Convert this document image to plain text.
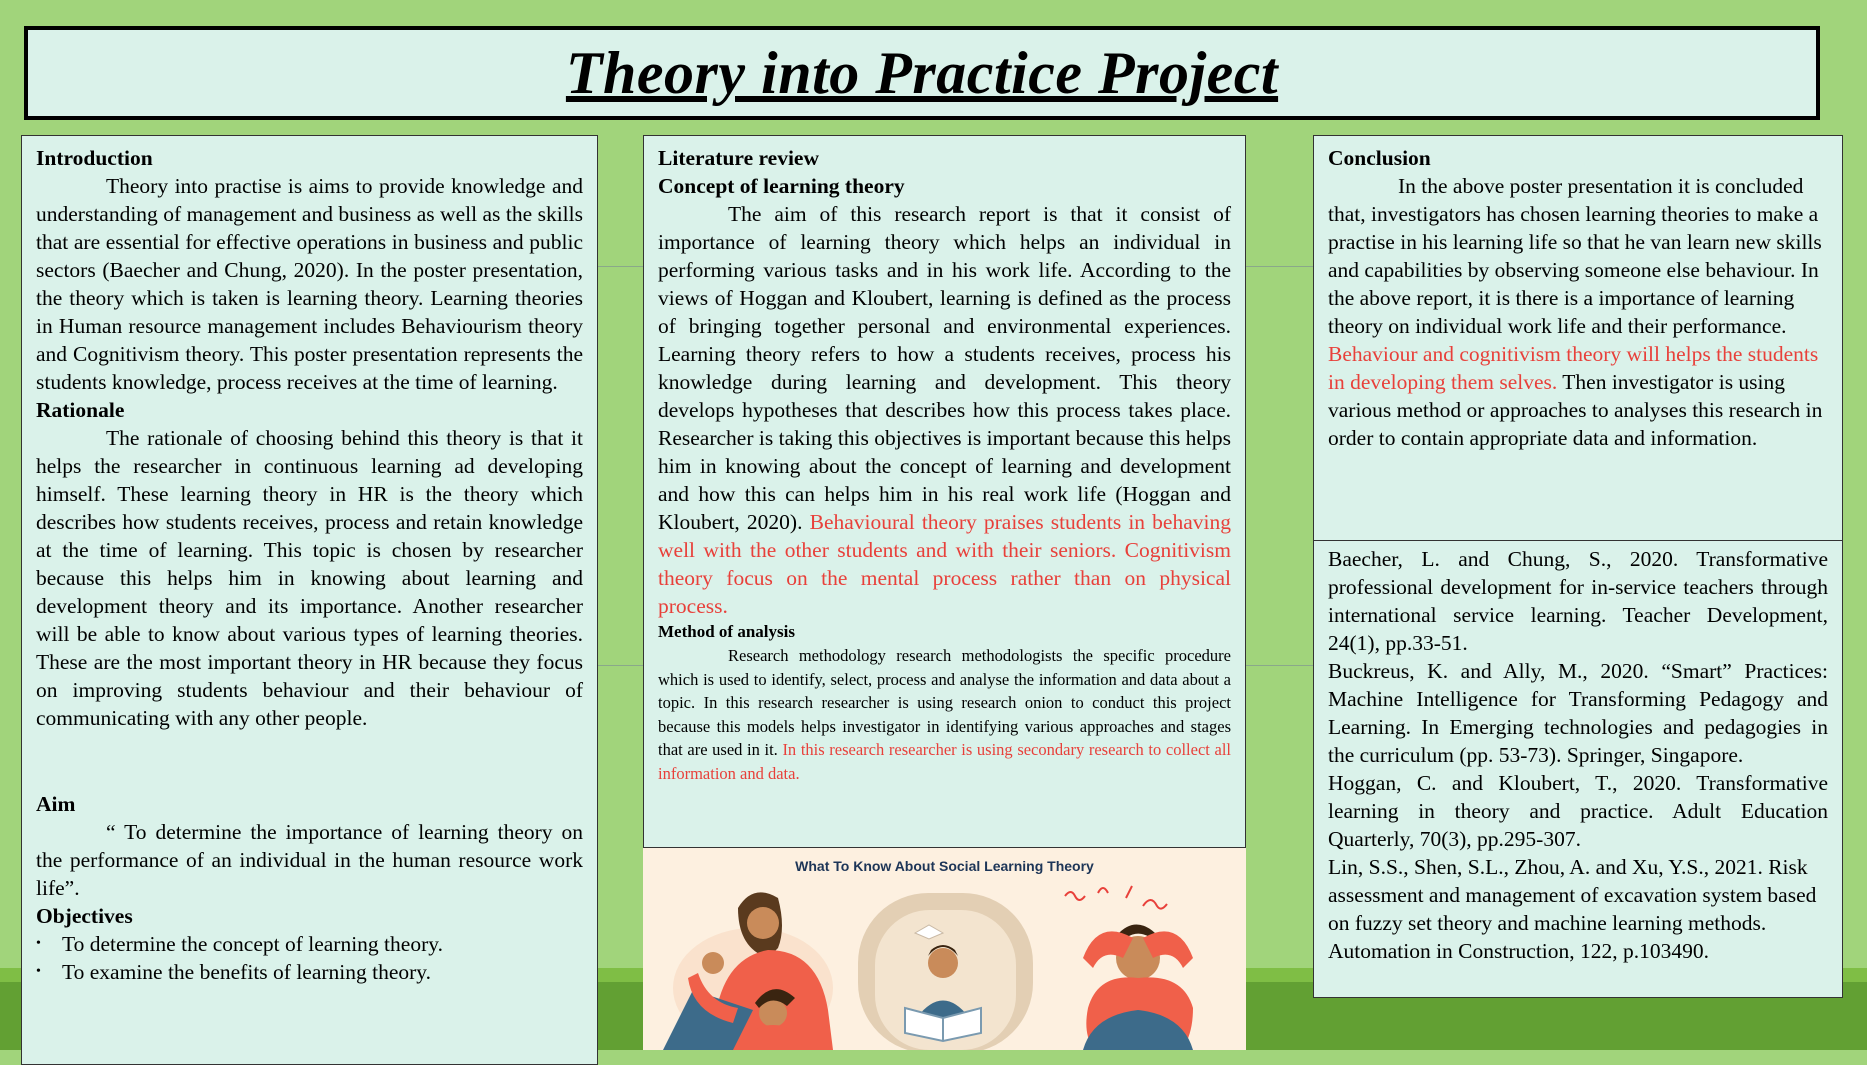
Theory into Practice Project

Introduction

Theory into practise is aims to provide knowledge and understanding of management and business as well as the skills that are essential for effective operations in business and public sectors (Baecher and Chung, 2020). In the poster presentation, the theory which is taken is learning theory. Learning theories in Human resource management includes Behaviourism theory and Cognitivism theory. This poster presentation represents the students knowledge, process receives at the time of learning.

Rationale

The rationale of choosing behind this theory is that it helps the researcher in continuous learning ad developing himself. These learning theory in HR is the theory which describes how students receives, process and retain knowledge at the time of learning. This topic is chosen by researcher because this helps him in knowing about learning and development theory and its importance. Another researcher will be able to know about various types of learning theories. These are the most important theory in HR because they focus on improving students behaviour and their behaviour of communicating with any other people.

Aim

“ To determine the importance of learning theory on the performance of an individual in the human resource work life”.

Objectives

• To determine the concept of learning theory.
• To examine the benefits of learning theory.

Literature review

Concept of learning theory

The aim of this research report is that it consist of importance of learning theory which helps an individual in performing various tasks and in his work life. According to the views of Hoggan and Kloubert, learning is defined as the process of bringing together personal and environmental experiences. Learning theory refers to how a students receives, process his knowledge during learning and development. This theory develops hypotheses that describes how this process takes place. Researcher is taking this objectives is important because this helps him in knowing about the concept of learning and development and how this can helps him in his real work life (Hoggan and Kloubert, 2020). Behavioural theory praises students in behaving well with the other students and with their seniors. Cognitivism theory focus on the mental process rather than on physical process.

Method of analysis

Research methodology research methodologists the specific procedure which is used to identify, select, process and analyse the information and data about a topic. In this research researcher is using research onion to conduct this project because this models helps investigator in identifying various approaches and stages that are used in it. In this research researcher is using secondary research to collect all information and data.

What To Know About Social Learning Theory

Conclusion

In the above poster presentation it is concluded that, investigators has chosen learning theories to make a practise in his learning life so that he van learn new skills and capabilities by observing someone else behaviour. In the above report, it is there is a importance of learning theory on individual work life and their performance. Behaviour and cognitivism theory will helps the students in developing them selves. Then investigator is using various method or approaches to analyses this research in order to contain appropriate data and information.

Baecher, L. and Chung, S., 2020. Transformative professional development for in-service teachers through international service learning. Teacher Development, 24(1), pp.33-51.

Buckreus, K. and Ally, M., 2020. “Smart” Practices: Machine Intelligence for Transforming Pedagogy and Learning. In Emerging technologies and pedagogies in the curriculum (pp. 53-73). Springer, Singapore.

Hoggan, C. and Kloubert, T., 2020. Transformative learning in theory and practice. Adult Education Quarterly, 70(3), pp.295-307.

Lin, S.S., Shen, S.L., Zhou, A. and Xu, Y.S., 2021. Risk assessment and management of excavation system based on fuzzy set theory and machine learning methods. Automation in Construction, 122, p.103490.
